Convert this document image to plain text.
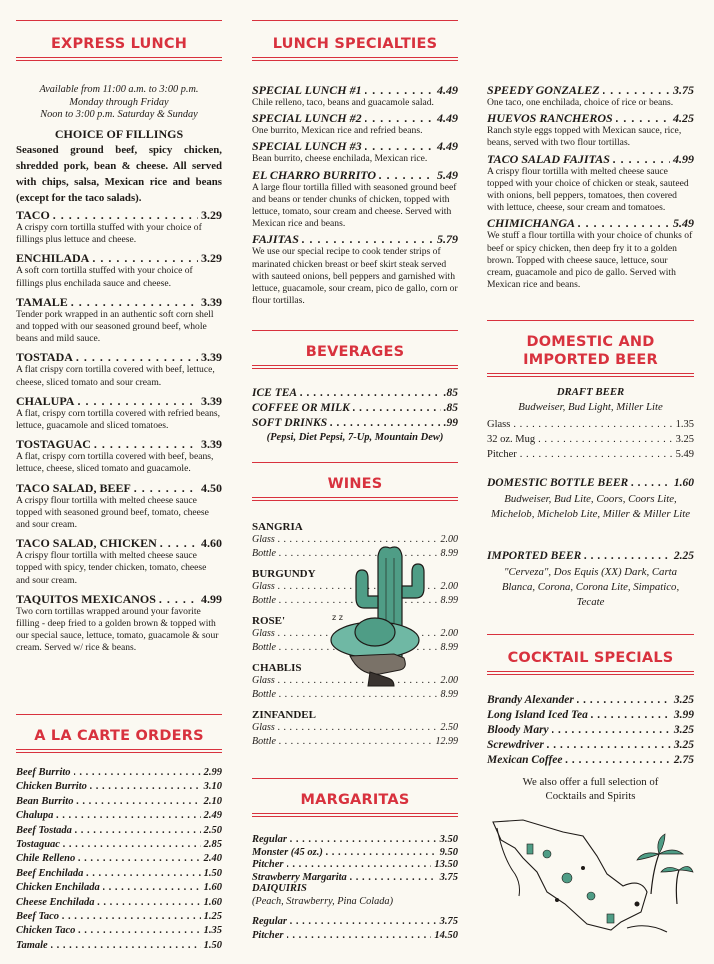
EXPRESS LUNCH
Available from 11:00 a.m. to 3:00 p.m.
Monday through Friday
Noon to 3:00 p.m. Saturday & Sunday
CHOICE OF FILLINGS
Seasoned ground beef, spicy chicken, shredded pork, bean & cheese. All served with chips, salsa, Mexican rice and beans (except for the taco salads).
TACO . . .	3.29
A crispy corn tortilla stuffed with your choice of fillings plus lettuce and cheese.
ENCHILADA . . .	3.29
A soft corn tortilla stuffed with your choice of fillings plus enchilada sauce and cheese.
TAMALE . . .	3.39
Tender pork wrapped in an authentic soft corn shell and topped with our seasoned ground beef, whole beans and mild sauce.
TOSTADA . . .	3.39
A flat crispy corn tortilla covered with beef, lettuce, cheese, sliced tomato and sour cream.
CHALUPA . . .	3.39
A flat, crispy corn tortilla covered with refried beans, lettuce, guacamole and sliced tomatoes.
TOSTAGUAC . . .	3.39
A flat, crispy corn tortilla covered with beef, beans, lettuce, cheese, sliced tomato and guacamole.
TACO SALAD, BEEF . . .	4.50
A crispy flour tortilla with melted cheese sauce topped with seasoned ground beef, tomato, cheese and sour cream.
TACO SALAD, CHICKEN . . .	4.60
A crispy flour tortilla with melted cheese sauce topped with spicy, tender chicken, tomato, cheese and sour cream.
TAQUITOS MEXICANOS . . .	4.99
Two corn tortillas wrapped around your favorite filling - deep fried to a golden brown & topped with our special sauce, lettuce, tomato, guacamole & sour cream. Served w/ rice & beans.
A LA CARTE ORDERS
Beef Burrito . . .	2.99
Chicken Burrito . . .	3.10
Bean Burrito . . .	2.10
Chalupa . . .	2.49
Beef Tostada . . .	2.50
Tostaguac . . .	2.85
Chile Relleno . . .	2.40
Beef Enchilada . . .	1.50
Chicken Enchilada . . .	1.60
Cheese Enchilada . . .	1.60
Beef Taco . . .	1.25
Chicken Taco . . .	1.35
Tamale . . .	1.50
LUNCH SPECIALTIES
SPECIAL LUNCH #1 . . .	4.49
Chile relleno, taco, beans and guacamole salad.
SPECIAL LUNCH #2 . . .	4.49
One burrito, Mexican rice and refried beans.
SPECIAL LUNCH #3 . . .	4.49
Bean burrito, cheese enchilada, Mexican rice.
EL CHARRO BURRITO . . .	5.49
A large flour tortilla filled with seasoned ground beef and beans or tender chunks of chicken, topped with lettuce, tomato, sour cream and cheese. Served with Mexican rice and beans.
FAJITAS . . .	5.79
We use our special recipe to cook tender strips of marinated chicken breast or beef skirt steak served with sauteed onions, bell peppers and garnished with lettuce, guacamole, sour cream, pico de gallo, corn or flour tortillas.
BEVERAGES
ICE TEA . . .	.85
COFFEE OR MILK . . .	.85
SOFT DRINKS . . .	.99
(Pepsi, Diet Pepsi, 7-Up, Mountain Dew)
WINES
SANGRIA
Glass . . .	2.00
Bottle . . .	8.99
BURGUNDY
Glass . . .	2.00
Bottle . . .	8.99
ROSE'
Glass . . .	2.00
Bottle . . .	8.99
CHABLIS
Glass . . .	2.00
Bottle . . .	8.99
ZINFANDEL
Glass . . .	2.50
Bottle . . .	12.99
z z
MARGARITAS
Regular . . .	3.50
Monster (45 oz.) . . .	9.50
Pitcher . . .	13.50
Strawberry Margarita . . .	3.75
DAIQUIRIS
(Peach, Strawberry, Pina Colada)
Regular . . .	3.75
Pitcher . . .	14.50
SPEEDY GONZALEZ . . .	3.75
One taco, one enchilada, choice of rice or beans.
HUEVOS RANCHEROS . . .	4.25
Ranch style eggs topped with Mexican sauce, rice, beans, served with two flour tortillas.
TACO SALAD FAJITAS . . .	4.99
A crispy flour tortilla with melted cheese sauce topped with your choice of chicken or steak, sauteed with onions, bell peppers, tomatoes, then covered with lettuce, cheese, sour cream and tomatoes.
CHIMICHANGA . . .	5.49
We stuff a flour tortilla with your choice of chunks of beef or spicy chicken, then deep fry it to a golden brown. Topped with cheese sauce, lettuce, sour cream, guacamole and pico de gallo. Served with Mexican rice and beans.
DOMESTIC AND
IMPORTED BEER
DRAFT BEER
Budweiser, Bud Light, Miller Lite
Glass . . .	1.35
32 oz. Mug . . .	3.25
Pitcher . . .	5.49
DOMESTIC BOTTLE BEER . . .	1.60
Budweiser, Bud Lite, Coors, Coors Lite, Michelob, Michelob Lite, Miller & Miller Lite
IMPORTED BEER . . .	2.25
"Cerveza", Dos Equis (XX) Dark, Carta Blanca, Corona, Corona Lite, Simpatico, Tecate
COCKTAIL SPECIALS
Brandy Alexander . . .	3.25
Long Island Iced Tea . . .	3.99
Bloody Mary . . .	3.25
Screwdriver . . .	3.25
Mexican Coffee . . .	2.75
We also offer a full selection of Cocktails and Spirits
